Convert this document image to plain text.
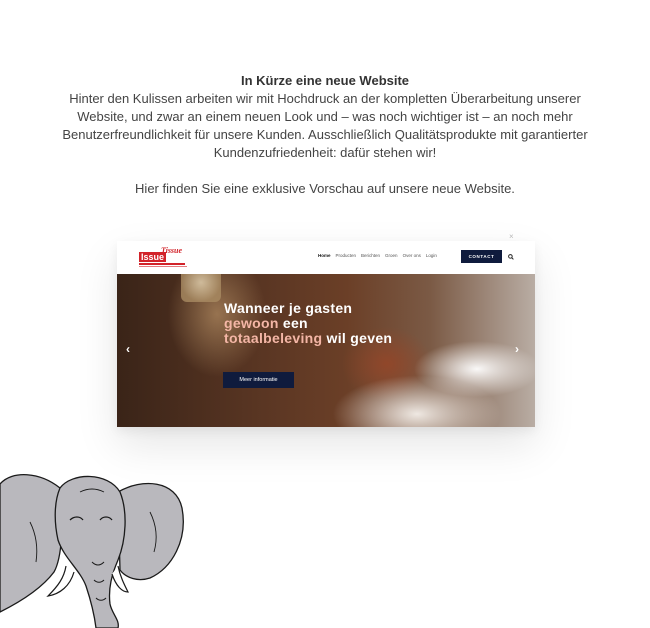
In Kürze eine neue Website

Hinter den Kulissen arbeiten wir mit Hochdruck an der kompletten Überarbeitung unserer Website, und zwar an einem neuen Look und – was noch wichtiger ist – an noch mehr Benutzerfreundlichkeit für unsere Kunden. Ausschließlich Qualitätsprodukte mit garantierter Kundenzufriedenheit: dafür stehen wir!

Hier finden Sie eine exklusive Vorschau auf unsere neue Website.

×
Issue
Tissue
Home Producten Berichten Groen Over ons Login	CONTACT
Wanneer je gasten
gewoon een
totaalbeleving wil geven
Meer informatie
‹	›
